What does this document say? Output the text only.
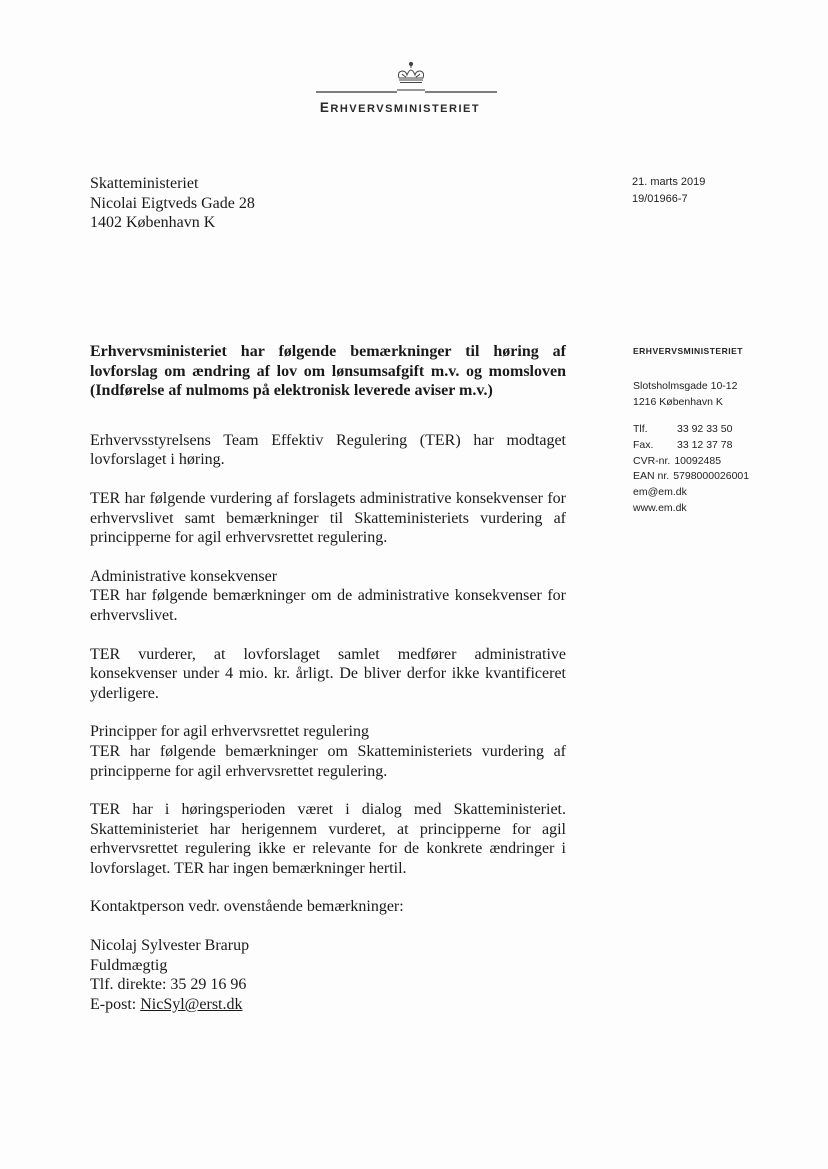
ERHVERVSMINISTERIET
Skatteministeriet
Nicolai Eigtveds Gade 28
1402 København K
21. marts 2019
19/01966-7
ERHVERVSMINISTERIET
Slotsholmsgade 10-12
1216 København K
Tlf.	33 92 33 50
Fax. 33 12 37 78
CVR-nr. 10092485
EAN nr. 5798000026001
em@em.dk
www.em.dk

Erhvervsministeriet har følgende bemærkninger til høring af lovforslag om ændring af lov om lønsumsafgift m.v. og momsloven (Indførelse af nulmoms på elektronisk leverede aviser m.v.)

Erhvervsstyrelsens Team Effektiv Regulering (TER) har modtaget lovforslaget i høring.

TER har følgende vurdering af forslagets administrative konsekvenser for erhvervslivet samt bemærkninger til Skatteministeriets vurdering af principperne for agil erhvervsrettet regulering.

Administrative konsekvenser

TER har følgende bemærkninger om de administrative konsekvenser for erhvervslivet.

TER vurderer, at lovforslaget samlet medfører administrative konsekvenser under 4 mio. kr. årligt. De bliver derfor ikke kvantificeret yderligere.

Principper for agil erhvervsrettet regulering

TER har følgende bemærkninger om Skatteministeriets vurdering af principperne for agil erhvervsrettet regulering.

TER har i høringsperioden været i dialog med Skatteministeriet. Skatteministeriet har herigennem vurderet, at principperne for agil erhvervsrettet regulering ikke er relevante for de konkrete ændringer i lovforslaget. TER har ingen bemærkninger hertil.

Kontaktperson vedr. ovenstående bemærkninger:

Nicolaj Sylvester Brarup

Fuldmægtig

Tlf. direkte: 35 29 16 96

E-post: NicSyl@erst.dk
